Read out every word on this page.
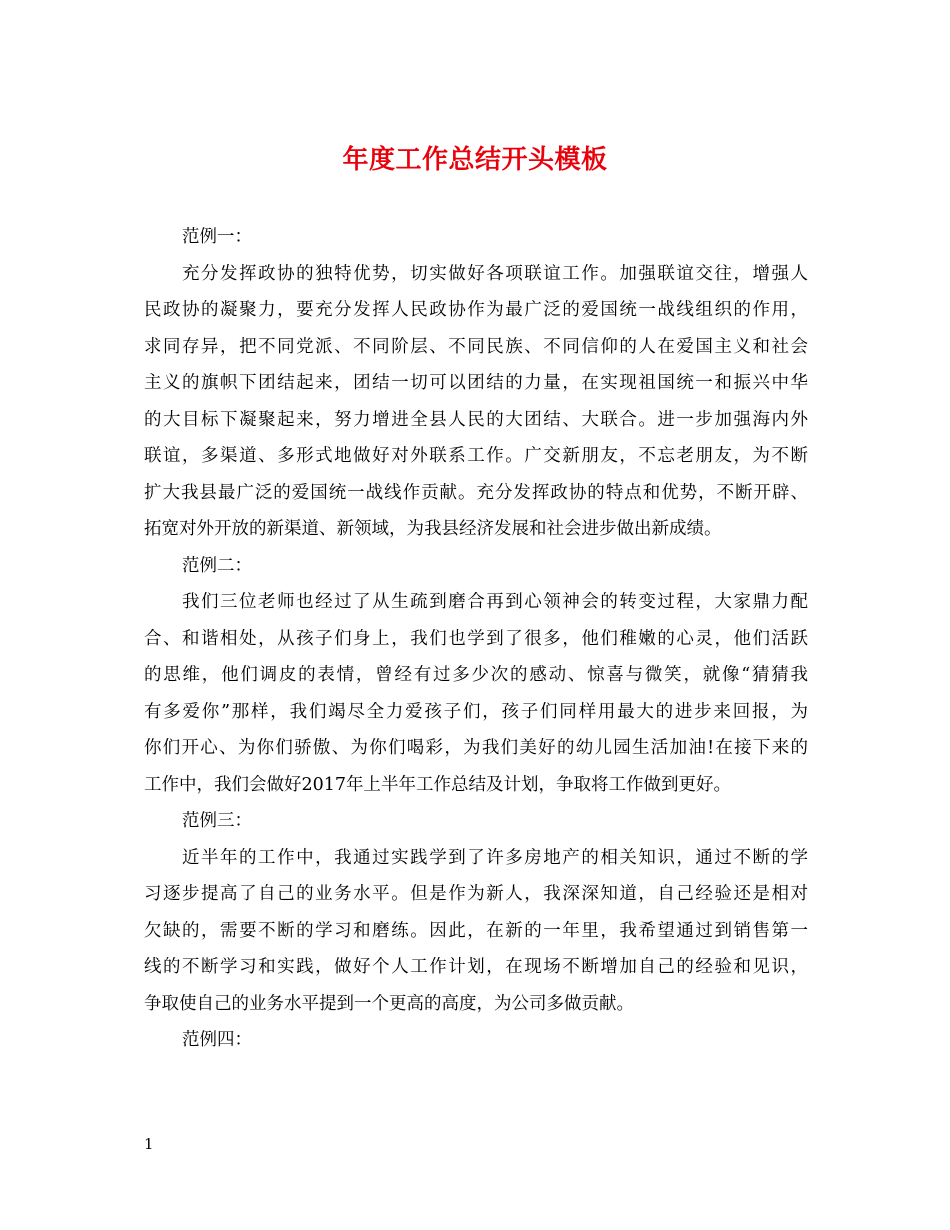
年度工作总结开头模板
范例一：
充分发挥政协的独特优势，切实做好各项联谊工作。加强联谊交往，增强人
民政协的凝聚力，要充分发挥人民政协作为最广泛的爱国统一战线组织的作用，
求同存异，把不同党派、不同阶层、不同民族、不同信仰的人在爱国主义和社会
主义的旗帜下团结起来，团结一切可以团结的力量，在实现祖国统一和振兴中华
的大目标下凝聚起来，努力增进全县人民的大团结、大联合。进一步加强海内外
联谊，多渠道、多形式地做好对外联系工作。广交新朋友，不忘老朋友，为不断
扩大我县最广泛的爱国统一战线作贡献。充分发挥政协的特点和优势，不断开辟、
拓宽对外开放的新渠道、新领域，为我县经济发展和社会进步做出新成绩。
范例二：
我们三位老师也经过了从生疏到磨合再到心领神会的转变过程，大家鼎力配
合、和谐相处，从孩子们身上，我们也学到了很多，他们稚嫩的心灵，他们活跃
的思维，他们调皮的表情，曾经有过多少次的感动、惊喜与微笑，就像“猜猜我
有多爱你”那样，我们竭尽全力爱孩子们，孩子们同样用最大的进步来回报，为
你们开心、为你们骄傲、为你们喝彩，为我们美好的幼儿园生活加油!在接下来的
工作中，我们会做好2017年上半年工作总结及计划，争取将工作做到更好。
范例三：
近半年的工作中，我通过实践学到了许多房地产的相关知识，通过不断的学
习逐步提高了自己的业务水平。但是作为新人，我深深知道，自己经验还是相对
欠缺的，需要不断的学习和磨练。因此，在新的一年里，我希望通过到销售第一
线的不断学习和实践，做好个人工作计划，在现场不断增加自己的经验和见识，
争取使自己的业务水平提到一个更高的高度，为公司多做贡献。
范例四：
1
